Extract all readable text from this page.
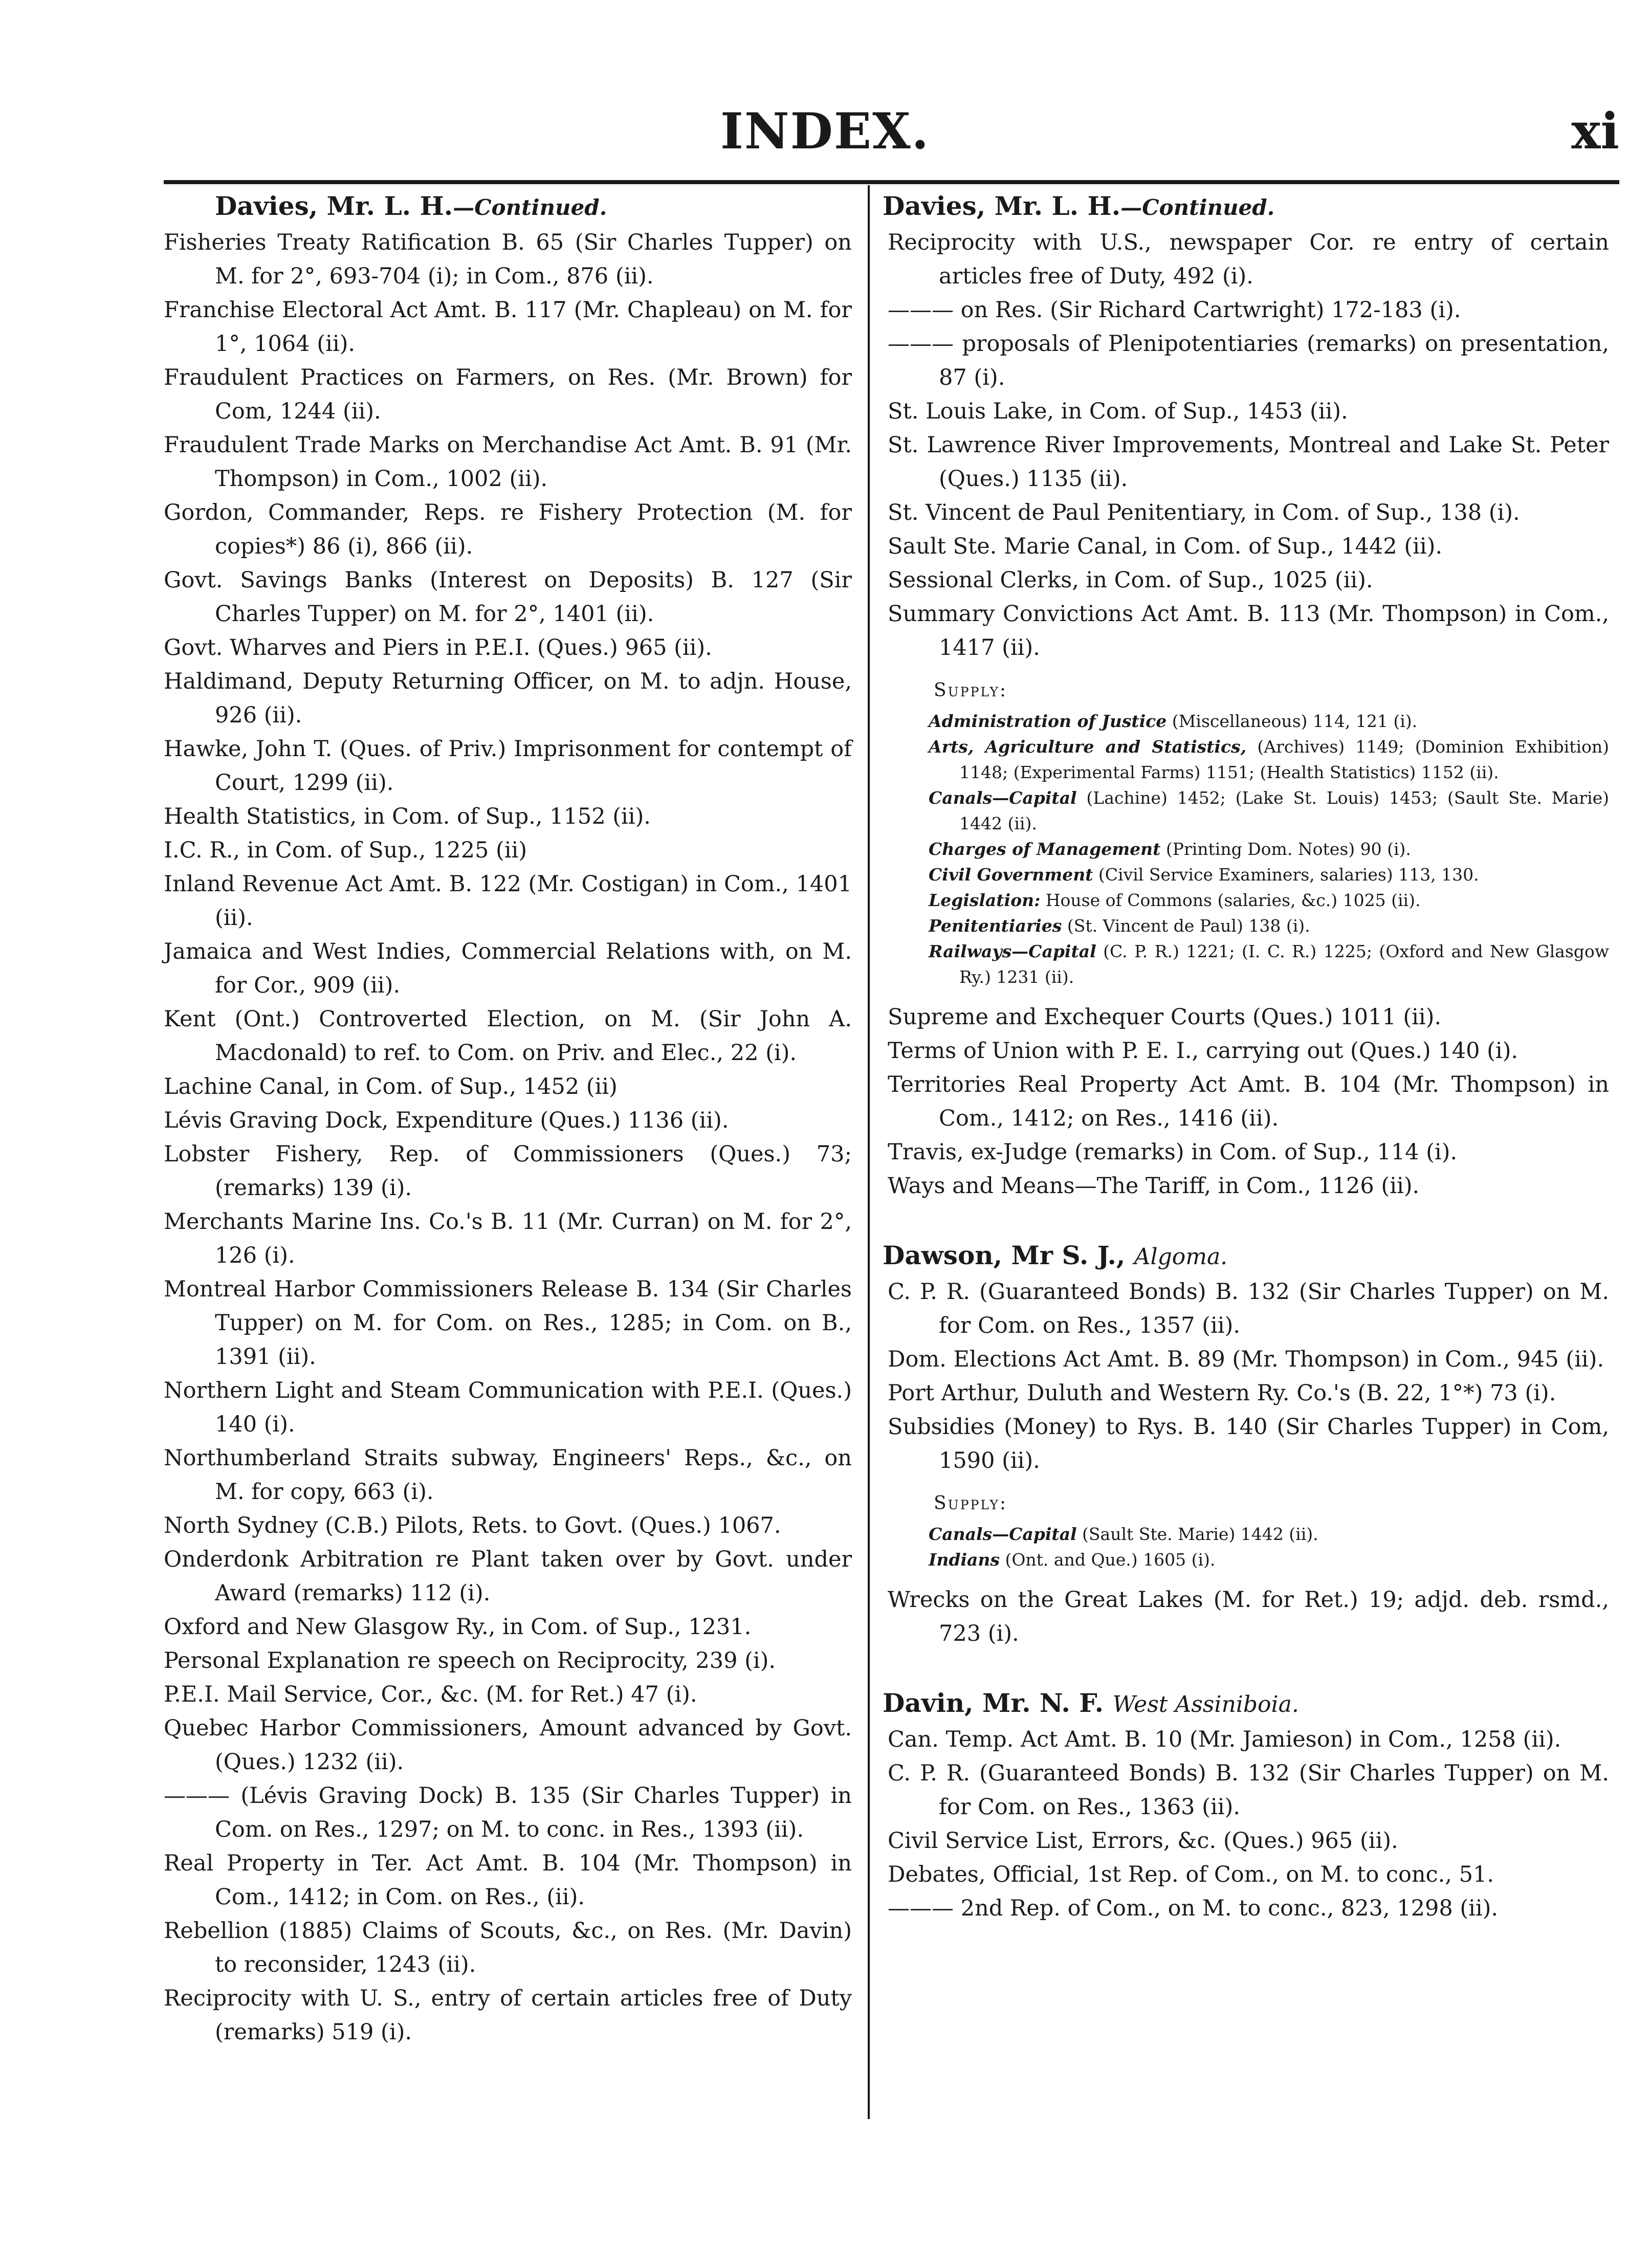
INDEX.	xi

Davies, Mr. L. H.—Continued.

Fisheries Treaty Ratification B. 65 (Sir Charles Tupper) on M. for 2°, 693-704 (i); in Com., 876 (ii).

Franchise Electoral Act Amt. B. 117 (Mr. Chapleau) on M. for 1°, 1064 (ii).

Fraudulent Practices on Farmers, on Res. (Mr. Brown) for Com, 1244 (ii).

Fraudulent Trade Marks on Merchandise Act Amt. B. 91 (Mr. Thompson) in Com., 1002 (ii).

Gordon, Commander, Reps. re Fishery Protection (M. for copies*) 86 (i), 866 (ii).

Govt. Savings Banks (Interest on Deposits) B. 127 (Sir Charles Tupper) on M. for 2°, 1401 (ii).

Govt. Wharves and Piers in P.E.I. (Ques.) 965 (ii).

Haldimand, Deputy Returning Officer, on M. to adjn. House, 926 (ii).

Hawke, John T. (Ques. of Priv.) Imprisonment for contempt of Court, 1299 (ii).

Health Statistics, in Com. of Sup., 1152 (ii).

I.C. R., in Com. of Sup., 1225 (ii)

Inland Revenue Act Amt. B. 122 (Mr. Costigan) in Com., 1401 (ii).

Jamaica and West Indies, Commercial Relations with, on M. for Cor., 909 (ii).

Kent (Ont.) Controverted Election, on M. (Sir John A. Macdonald) to ref. to Com. on Priv. and Elec., 22 (i).

Lachine Canal, in Com. of Sup., 1452 (ii)

Lévis Graving Dock, Expenditure (Ques.) 1136 (ii).

Lobster Fishery, Rep. of Commissioners (Ques.) 73; (remarks) 139 (i).

Merchants Marine Ins. Co.'s B. 11 (Mr. Curran) on M. for 2°, 126 (i).

Montreal Harbor Commissioners Release B. 134 (Sir Charles Tupper) on M. for Com. on Res., 1285; in Com. on B., 1391 (ii).

Northern Light and Steam Communication with P.E.I. (Ques.) 140 (i).

Northumberland Straits subway, Engineers' Reps., &c., on M. for copy, 663 (i).

North Sydney (C.B.) Pilots, Rets. to Govt. (Ques.) 1067.

Onderdonk Arbitration re Plant taken over by Govt. under Award (remarks) 112 (i).

Oxford and New Glasgow Ry., in Com. of Sup., 1231.

Personal Explanation re speech on Reciprocity, 239 (i).

P.E.I. Mail Service, Cor., &c. (M. for Ret.) 47 (i).

Quebec Harbor Commissioners, Amount advanced by Govt. (Ques.) 1232 (ii).

——— (Lévis Graving Dock) B. 135 (Sir Charles Tupper) in Com. on Res., 1297; on M. to conc. in Res., 1393 (ii).

Real Property in Ter. Act Amt. B. 104 (Mr. Thompson) in Com., 1412; in Com. on Res., (ii).

Rebellion (1885) Claims of Scouts, &c., on Res. (Mr. Davin) to reconsider, 1243 (ii).

Reciprocity with U. S., entry of certain articles free of Duty (remarks) 519 (i).

Davies, Mr. L. H.—Continued.

Reciprocity with U.S., newspaper Cor. re entry of certain articles free of Duty, 492 (i).

——— on Res. (Sir Richard Cartwright) 172-183 (i).

——— proposals of Plenipotentiaries (remarks) on presentation, 87 (i).

St. Louis Lake, in Com. of Sup., 1453 (ii).

St. Lawrence River Improvements, Montreal and Lake St. Peter (Ques.) 1135 (ii).

St. Vincent de Paul Penitentiary, in Com. of Sup., 138 (i).

Sault Ste. Marie Canal, in Com. of Sup., 1442 (ii).

Sessional Clerks, in Com. of Sup., 1025 (ii).

Summary Convictions Act Amt. B. 113 (Mr. Thompson) in Com., 1417 (ii).

Supply:

Administration of Justice (Miscellaneous) 114, 121 (i).

Arts, Agriculture and Statistics, (Archives) 1149; (Dominion Exhibition) 1148; (Experimental Farms) 1151; (Health Statistics) 1152 (ii).

Canals—Capital (Lachine) 1452; (Lake St. Louis) 1453; (Sault Ste. Marie) 1442 (ii).

Charges of Management (Printing Dom. Notes) 90 (i).

Civil Government (Civil Service Examiners, salaries) 113, 130.

Legislation: House of Commons (salaries, &c.) 1025 (ii).

Penitentiaries (St. Vincent de Paul) 138 (i).

Railways—Capital (C. P. R.) 1221; (I. C. R.) 1225; (Oxford and New Glasgow Ry.) 1231 (ii).

Supreme and Exchequer Courts (Ques.) 1011 (ii).

Terms of Union with P. E. I., carrying out (Ques.) 140 (i).

Territories Real Property Act Amt. B. 104 (Mr. Thompson) in Com., 1412; on Res., 1416 (ii).

Travis, ex-Judge (remarks) in Com. of Sup., 114 (i).

Ways and Means—The Tariff, in Com., 1126 (ii).

Dawson, Mr S. J., Algoma.

C. P. R. (Guaranteed Bonds) B. 132 (Sir Charles Tupper) on M. for Com. on Res., 1357 (ii).

Dom. Elections Act Amt. B. 89 (Mr. Thompson) in Com., 945 (ii).

Port Arthur, Duluth and Western Ry. Co.'s (B. 22, 1°*) 73 (i).

Subsidies (Money) to Rys. B. 140 (Sir Charles Tupper) in Com, 1590 (ii).

Supply:

Canals—Capital (Sault Ste. Marie) 1442 (ii).

Indians (Ont. and Que.) 1605 (i).

Wrecks on the Great Lakes (M. for Ret.) 19; adjd. deb. rsmd., 723 (i).

Davin, Mr. N. F. West Assiniboia.

Can. Temp. Act Amt. B. 10 (Mr. Jamieson) in Com., 1258 (ii).

C. P. R. (Guaranteed Bonds) B. 132 (Sir Charles Tupper) on M. for Com. on Res., 1363 (ii).

Civil Service List, Errors, &c. (Ques.) 965 (ii).

Debates, Official, 1st Rep. of Com., on M. to conc., 51.

——— 2nd Rep. of Com., on M. to conc., 823, 1298 (ii).
